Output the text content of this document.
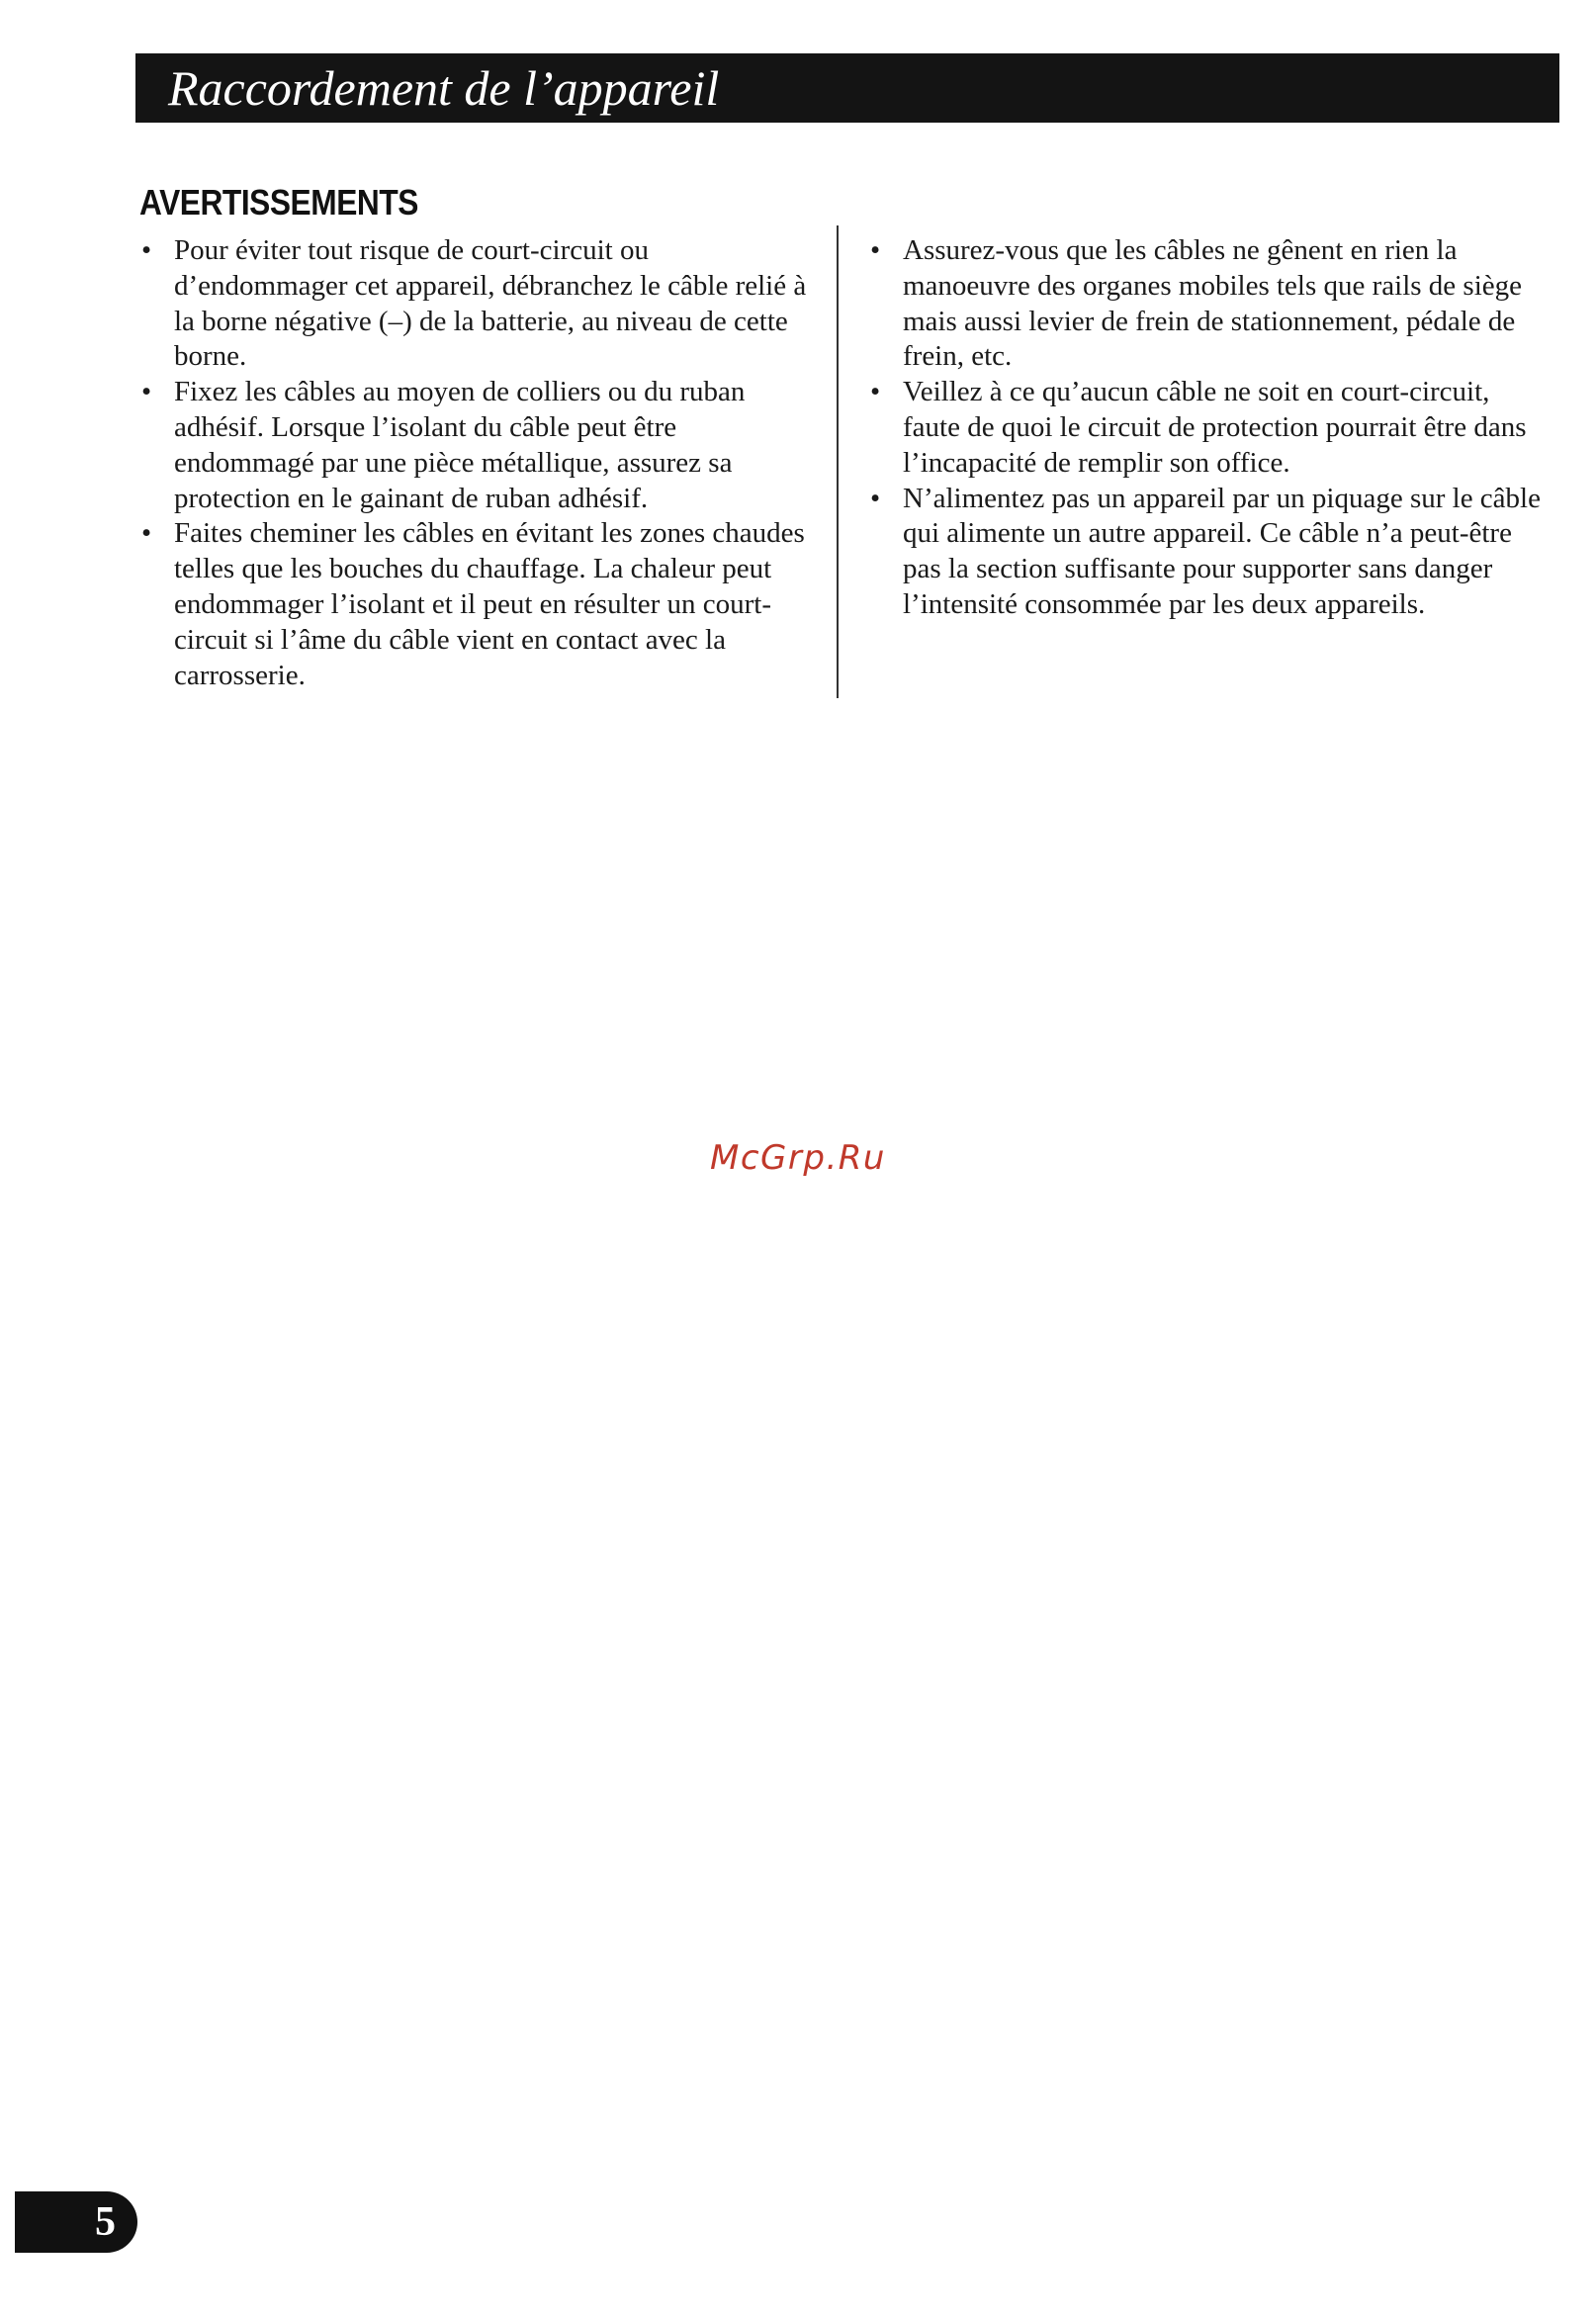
Raccordement de l’appareil
AVERTISSEMENTS
• Pour éviter tout risque de court-circuit ou d’endommager cet appareil, débranchez le câble relié à la borne négative (–) de la batterie, au niveau de cette borne.
• Fixez les câbles au moyen de colliers ou du ruban adhésif. Lorsque l’isolant du câble peut être endommagé par une pièce métallique, assurez sa protection en le gainant de ruban adhésif.
• Faites cheminer les câbles en évitant les zones chaudes telles que les bouches du chauffage. La chaleur peut endommager l’isolant et il peut en résulter un court-circuit si l’âme du câble vient en contact avec la carrosserie.
• Assurez-vous que les câbles ne gênent en rien la manoeuvre des organes mobiles tels que rails de siège mais aussi levier de frein de stationnement, pédale de frein, etc.
• Veillez à ce qu’aucun câble ne soit en court-circuit, faute de quoi le circuit de protection pourrait être dans l’incapacité de remplir son office.
• N’alimentez pas un appareil par un piquage sur le câble qui alimente un autre appareil. Ce câble n’a peut-être pas la section suffisante pour supporter sans danger l’intensité consommée par les deux appareils.
McGrp.Ru
5
